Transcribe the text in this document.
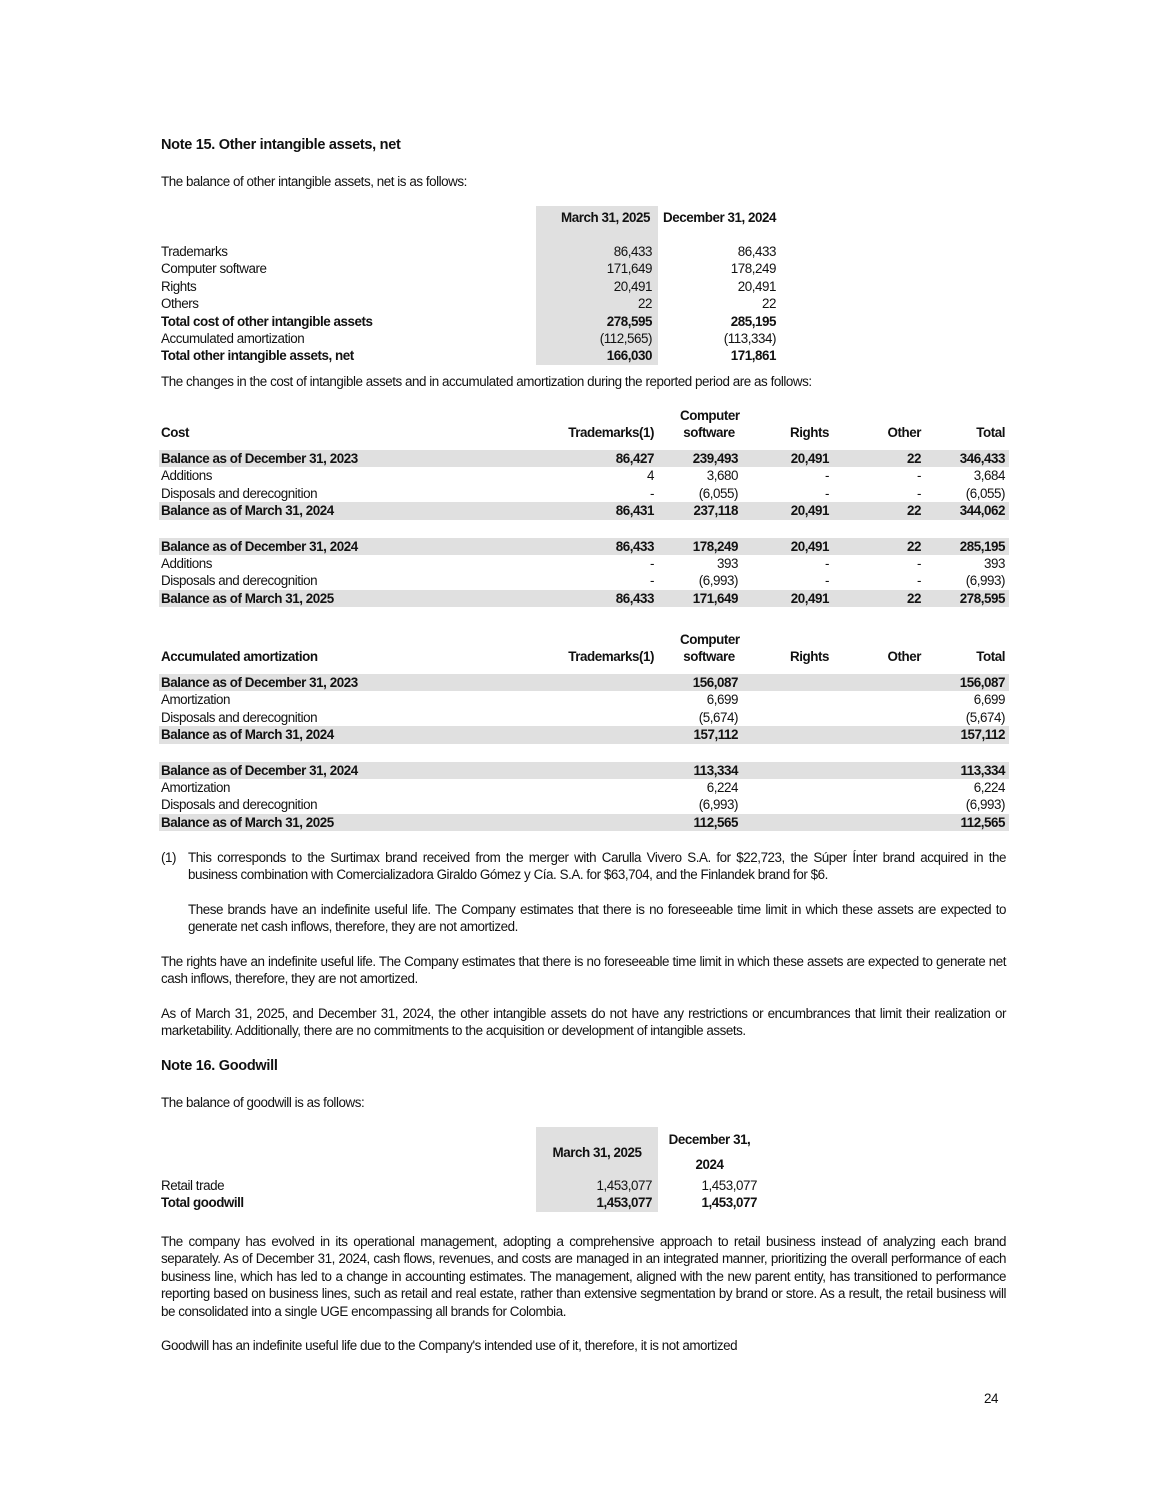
Note 15. Other intangible assets, net

The balance of other intangible assets, net is as follows:

	March 31, 2025	December 31, 2024

Trademarks	86,433	86,433
Computer software	171,649	178,249
Rights	20,491	20,491
Others	22	22
Total cost of other intangible assets	278,595	285,195
Accumulated amortization	(112,565)	(113,334)
Total other intangible assets, net	166,030	171,861

The changes in the cost of intangible assets and in accumulated amortization during the reported period are as follows:

Cost	Trademarks(1)	Computer software	Rights	Other	Total

Balance as of December 31, 2023	86,427	239,493	20,491	22	346,433
Additions	4	3,680	-	-	3,684
Disposals and derecognition	-	(6,055)	-	-	(6,055)
Balance as of March 31, 2024	86,431	237,118	20,491	22	344,062

Balance as of December 31, 2024	86,433	178,249	20,491	22	285,195
Additions	-	393	-	-	393
Disposals and derecognition	-	(6,993)	-	-	(6,993)
Balance as of March 31, 2025	86,433	171,649	20,491	22	278,595
Accumulated amortization	Trademarks(1)	Computer software	Rights	Other	Total

Balance as of December 31, 2023		156,087			156,087
Amortization		6,699			6,699
Disposals and derecognition		(5,674)			(5,674)
Balance as of March 31, 2024		157,112			157,112

Balance as of December 31, 2024		113,334			113,334
Amortization		6,224			6,224
Disposals and derecognition		(6,993)			(6,993)
Balance as of March 31, 2025		112,565			112,565
(1) This corresponds to the Surtimax brand received from the merger with Carulla Vivero S.A. for $22,723, the Súper Ínter brand acquired in the business combination with Comercializadora Giraldo Gómez y Cía. S.A. for $63,704, and the Finlandek brand for $6.

These brands have an indefinite useful life. The Company estimates that there is no foreseeable time limit in which these assets are expected to generate net cash inflows, therefore, they are not amortized.

The rights have an indefinite useful life. The Company estimates that there is no foreseeable time limit in which these assets are expected to generate net cash inflows, therefore, they are not amortized.

As of March 31, 2025, and December 31, 2024, the other intangible assets do not have any restrictions or encumbrances that limit their realization or marketability. Additionally, there are no commitments to the acquisition or development of intangible assets.

Note 16. Goodwill

The balance of goodwill is as follows:

	March 31, 2025	December 31,
2024

Retail trade	1,453,077	1,453,077
Total goodwill	1,453,077	1,453,077

The company has evolved in its operational management, adopting a comprehensive approach to retail business instead of analyzing each brand separately. As of December 31, 2024, cash flows, revenues, and costs are managed in an integrated manner, prioritizing the overall performance of each business line, which has led to a change in accounting estimates. The management, aligned with the new parent entity, has transitioned to performance reporting based on business lines, such as retail and real estate, rather than extensive segmentation by brand or store. As a result, the retail business will be consolidated into a single UGE encompassing all brands for Colombia.

Goodwill has an indefinite useful life due to the Company's intended use of it, therefore, it is not amortized

24
